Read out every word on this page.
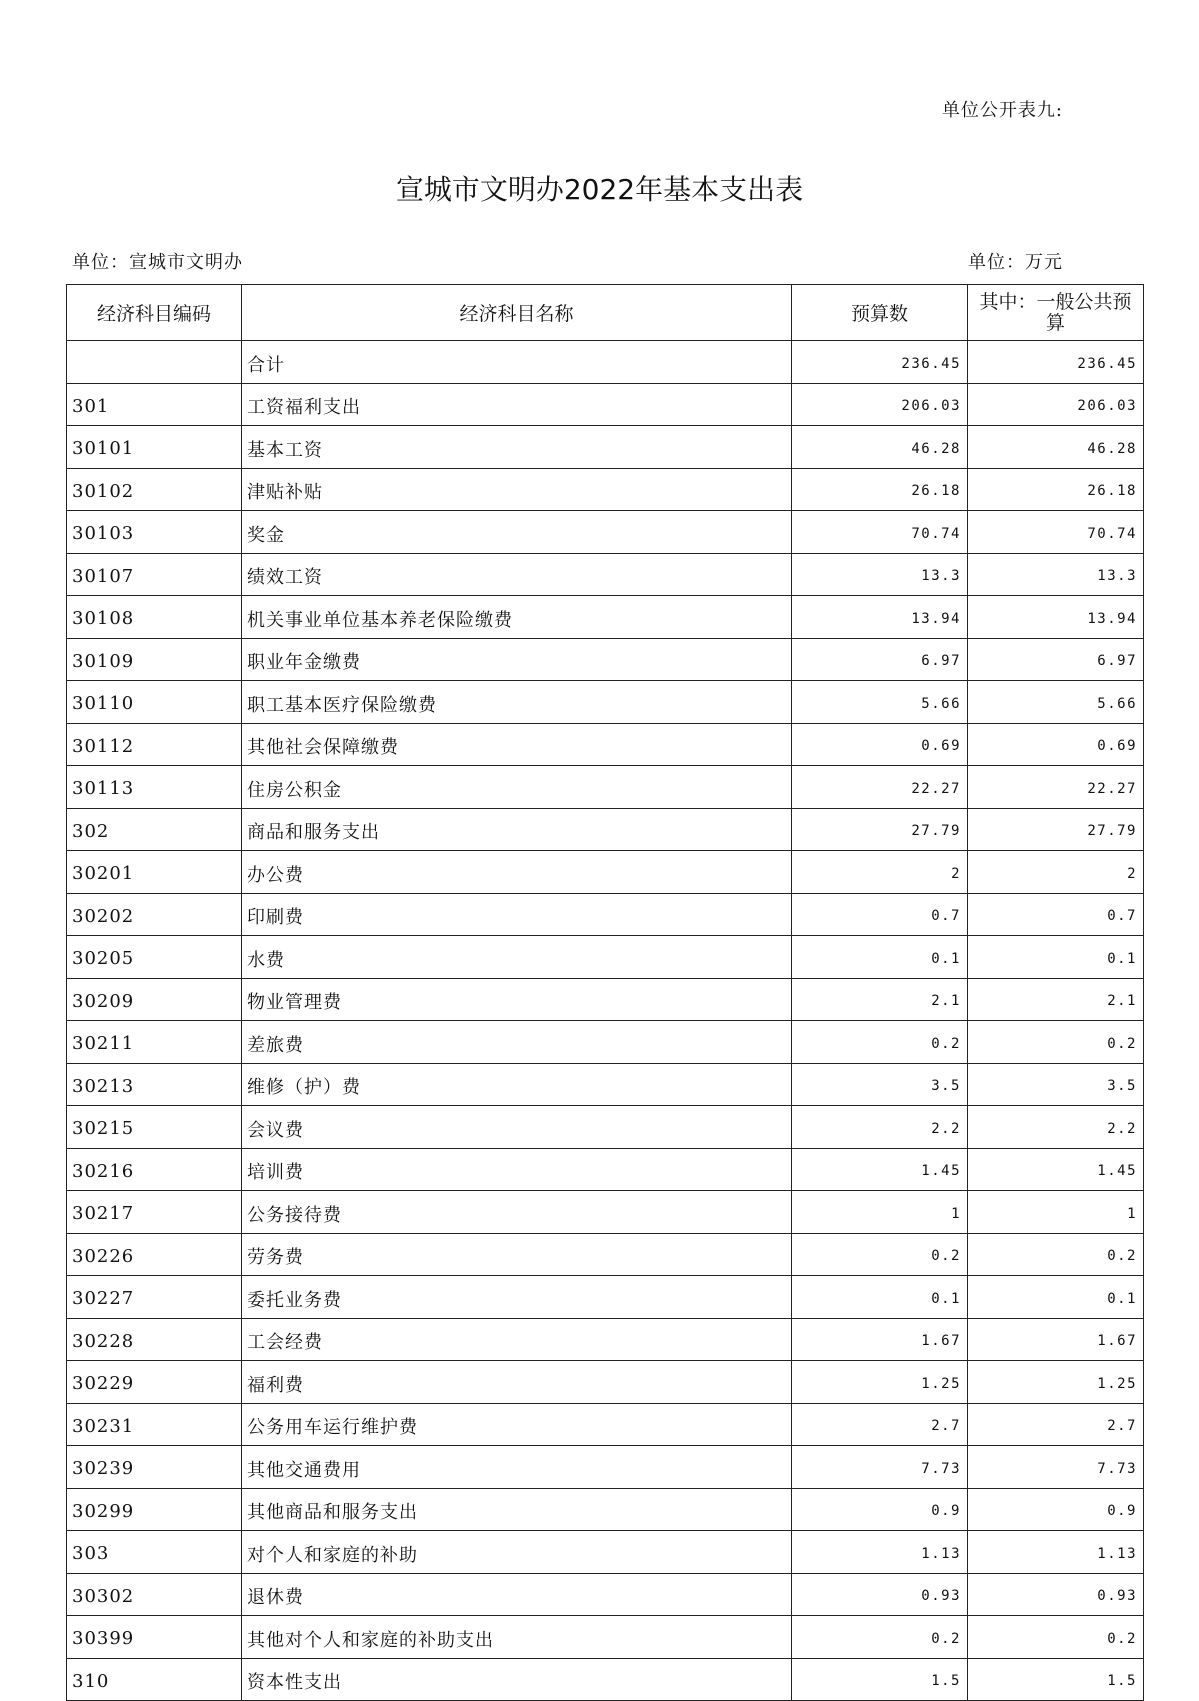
单位公开表九:
宣城市文明办2022年基本支出表
单位：宣城市文明办	单位：万元
经济科目编码	经济科目名称	预算数	其中：一般公共预算
	合计	236.45	236.45
301	工资福利支出	206.03	206.03
30101	基本工资	46.28	46.28
30102	津贴补贴	26.18	26.18
30103	奖金	70.74	70.74
30107	绩效工资	13.3	13.3
30108	机关事业单位基本养老保险缴费	13.94	13.94
30109	职业年金缴费	6.97	6.97
30110	职工基本医疗保险缴费	5.66	5.66
30112	其他社会保障缴费	0.69	0.69
30113	住房公积金	22.27	22.27
302	商品和服务支出	27.79	27.79
30201	办公费	2	2
30202	印刷费	0.7	0.7
30205	水费	0.1	0.1
30209	物业管理费	2.1	2.1
30211	差旅费	0.2	0.2
30213	维修（护）费	3.5	3.5
30215	会议费	2.2	2.2
30216	培训费	1.45	1.45
30217	公务接待费	1	1
30226	劳务费	0.2	0.2
30227	委托业务费	0.1	0.1
30228	工会经费	1.67	1.67
30229	福利费	1.25	1.25
30231	公务用车运行维护费	2.7	2.7
30239	其他交通费用	7.73	7.73
30299	其他商品和服务支出	0.9	0.9
303	对个人和家庭的补助	1.13	1.13
30302	退休费	0.93	0.93
30399	其他对个人和家庭的补助支出	0.2	0.2
310	资本性支出	1.5	1.5
